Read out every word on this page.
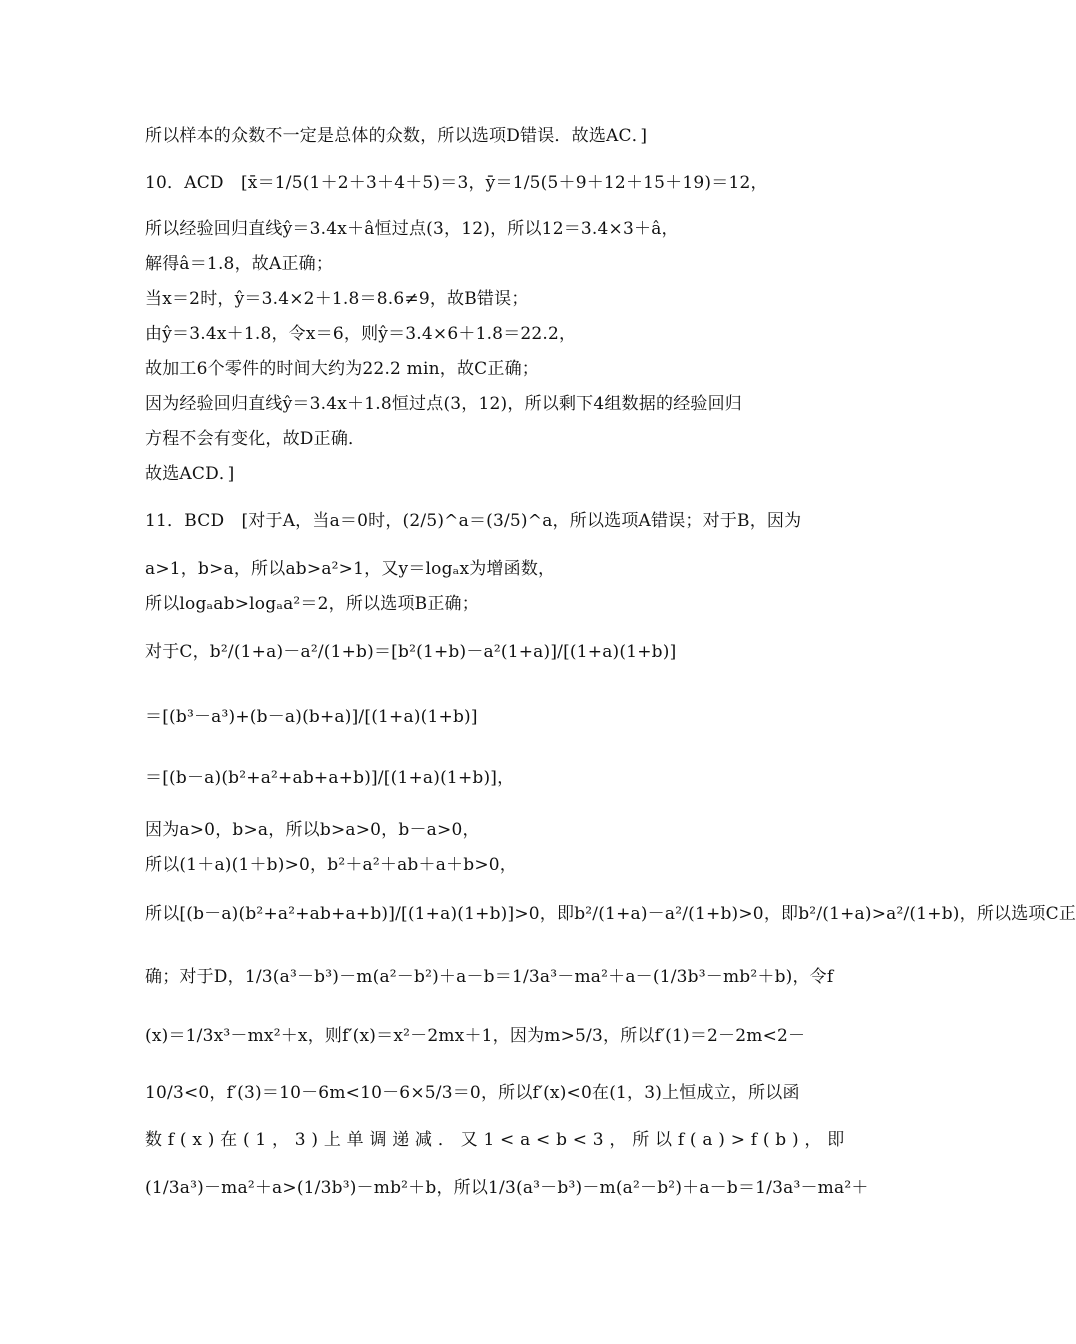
所以样本的众数不一定是总体的众数，所以选项D错误．故选AC．]
10．ACD　[x̄＝1/5(1＋2＋3＋4＋5)＝3，ȳ＝1/5(5＋9＋12＋15＋19)＝12，
所以经验回归直线ŷ＝3.4x＋â恒过点(3，12)，所以12＝3.4×3＋â，
解得â＝1.8，故A正确；
当x＝2时，ŷ＝3.4×2＋1.8＝8.6≠9，故B错误；
由ŷ＝3.4x＋1.8，令x＝6，则ŷ＝3.4×6＋1.8＝22.2，
故加工6个零件的时间大约为22.2 min，故C正确；
因为经验回归直线ŷ＝3.4x＋1.8恒过点(3，12)，所以剩下4组数据的经验回归
方程不会有变化，故D正确．
故选ACD．]
11．BCD　[对于A，当a＝0时，(2/5)^a＝(3/5)^a，所以选项A错误；对于B，因为
a>1，b>a，所以ab>a²>1，又y＝logₐx为增函数，
所以logₐab>logₐa²＝2，所以选项B正确；
对于C，b²/(1+a)－a²/(1+b)＝[b²(1+b)－a²(1+a)]/[(1+a)(1+b)]
＝[(b³－a³)+(b－a)(b+a)]/[(1+a)(1+b)]
＝[(b－a)(b²+a²+ab+a+b)]/[(1+a)(1+b)]，
因为a>0，b>a，所以b>a>0，b－a>0，
所以(1＋a)(1＋b)>0，b²＋a²＋ab＋a＋b>0，
所以[(b－a)(b²+a²+ab+a+b)]/[(1+a)(1+b)]>0，即b²/(1+a)－a²/(1+b)>0，即b²/(1+a)>a²/(1+b)，所以选项C正
确；对于D，1/3(a³－b³)－m(a²－b²)＋a－b＝1/3a³－ma²＋a－(1/3b³－mb²＋b)，令f
(x)＝1/3x³－mx²＋x，则f′(x)＝x²－2mx＋1，因为m>5/3，所以f′(1)＝2－2m<2－
10/3<0，f′(3)＝10－6m<10－6×5/3＝0，所以f′(x)<0在(1，3)上恒成立，所以函
数f(x)在(1，3)上单调递减．又1<a<b<3，所以f(a)>f(b)，即
(1/3a³)－ma²＋a>(1/3b³)－mb²＋b，所以1/3(a³－b³)－m(a²－b²)＋a－b＝1/3a³－ma²＋
